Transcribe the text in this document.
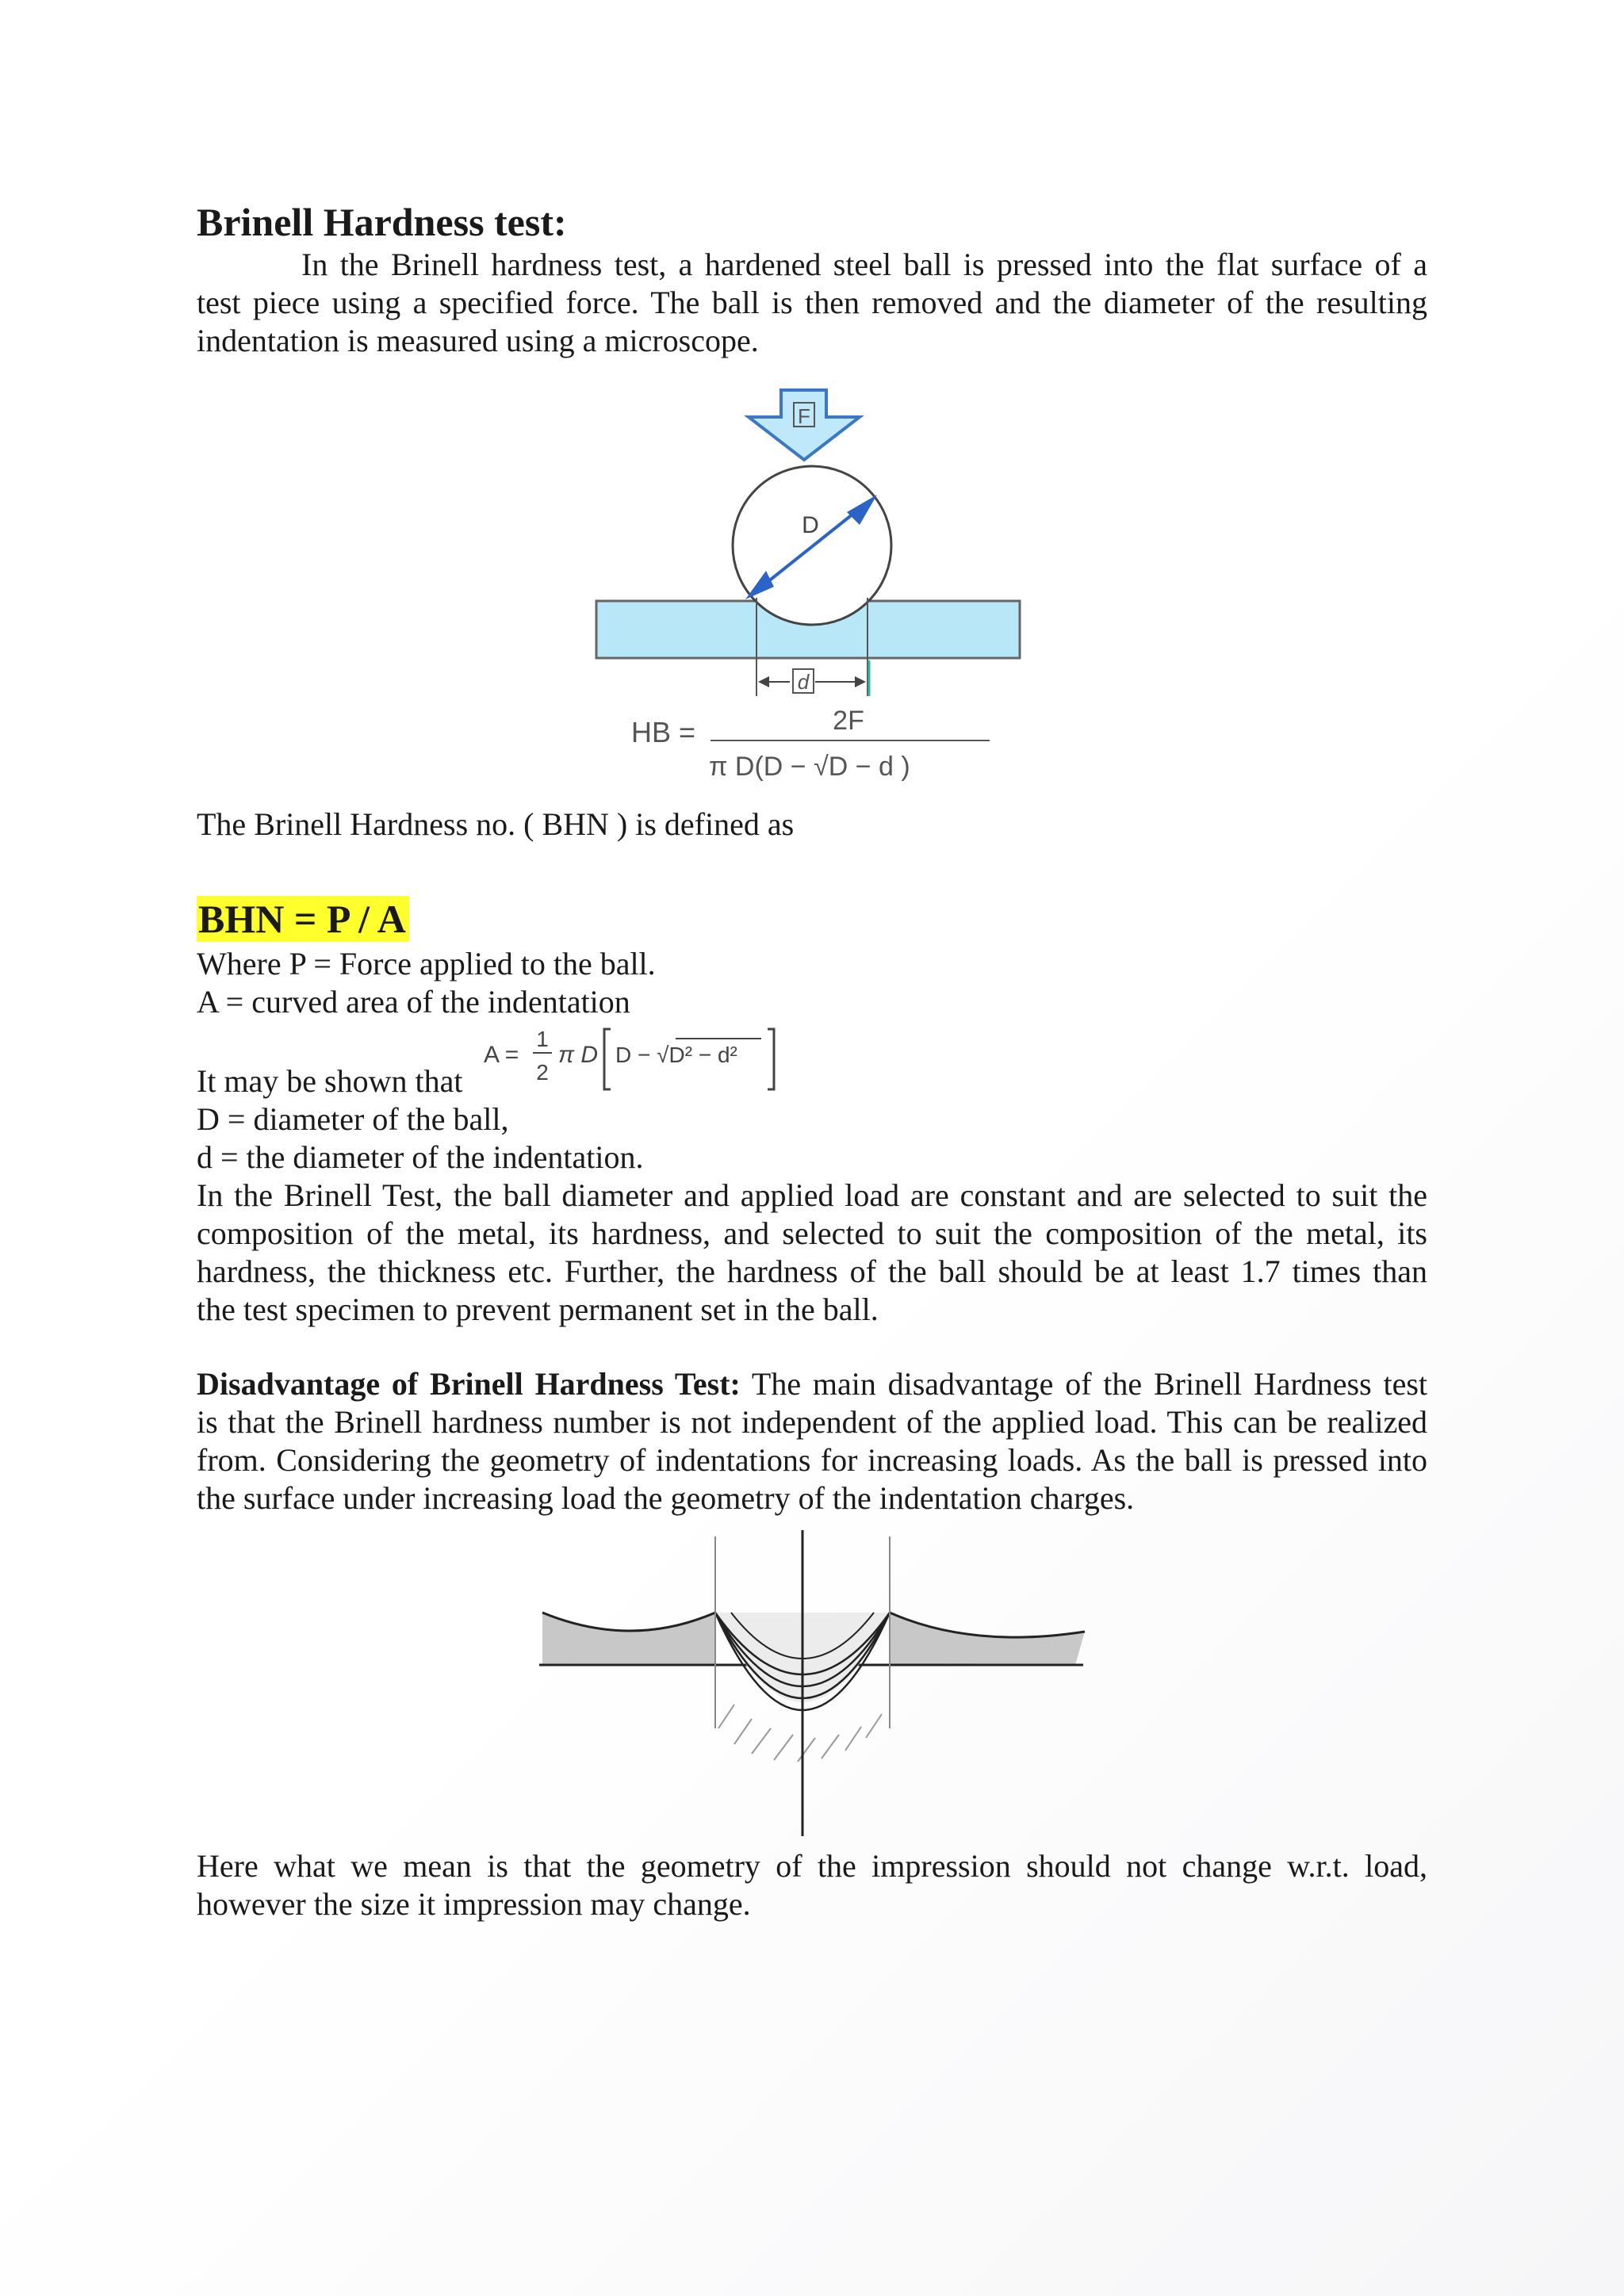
Brinell Hardness test:
In the Brinell hardness test, a hardened steel ball is pressed into the flat surface of a
test piece using a specified force. The ball is then removed and the diameter of the resulting
indentation is measured using a microscope.
F
D
d
HB =	2F
π D(D − √D − d )
The Brinell Hardness no. ( BHN ) is defined as
BHN = P / A
Where P = Force applied to the ball.
A = curved area of the indentation
A =
1
2
π D D − √D² − d²
It may be shown that
D = diameter of the ball,
d = the diameter of the indentation.
In the Brinell Test, the ball diameter and applied load are constant and are selected to suit the
composition of the metal, its hardness, and selected to suit the composition of the metal, its
hardness, the thickness etc. Further, the hardness of the ball should be at least 1.7 times than
the test specimen to prevent permanent set in the ball.
Disadvantage of Brinell Hardness Test: The main disadvantage of the Brinell Hardness test
is that the Brinell hardness number is not independent of the applied load. This can be realized
from. Considering the geometry of indentations for increasing loads. As the ball is pressed into
the surface under increasing load the geometry of the indentation charges.
Here what we mean is that the geometry of the impression should not change w.r.t. load,
however the size it impression may change.
